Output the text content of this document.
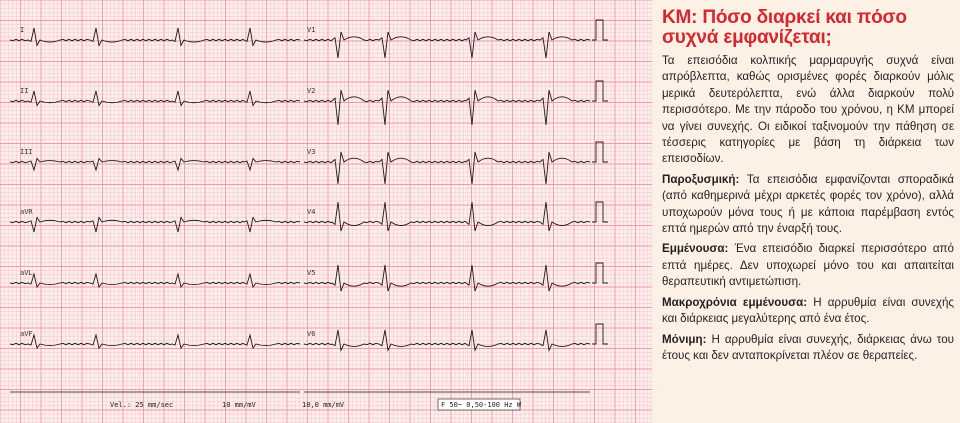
I	V1
II	V2
III	V3
aVR	V4
aVL	V5
aVF	V6
Vel.: 25 mm/sec	10 mm/mV	10,0 mm/mV	F 50~ 0,50-100 Hz W
ΚΜ: Πόσο διαρκεί και πόσο συχνά εμφανίζεται;

Τα επεισόδια κολπικής μαρμαρυγής συχνά είναι απρόβλεπτα, καθώς ορισμένες φορές διαρκούν μόλις μερικά δευτερόλεπτα, ενώ άλλα διαρκούν πολύ περισσότερο. Με την πάροδο του χρόνου, η ΚΜ μπορεί να γίνει συνεχής. Οι ειδικοί ταξινομούν την πάθηση σε τέσσερις κατηγορίες με βάση τη διάρκεια των επεισοδίων.

Παροξυσμική: Τα επεισόδια εμφανίζονται σποραδικά (από καθημερινά μέχρι αρκετές φορές τον χρόνο), αλλά υποχωρούν μόνα τους ή με κάποια παρέμβαση εντός επτά ημερών από την έναρξή τους.

Εμμένουσα: Ένα επεισόδιο διαρκεί περισσότερο από επτά ημέρες. Δεν υποχωρεί μόνο του και απαιτείται θεραπευτική αντιμετώπιση.

Μακροχρόνια εμμένουσα: Η αρρυθμία είναι συνεχής και διάρκειας μεγαλύτερης από ένα έτος.

Μόνιμη: Η αρρυθμία είναι συνεχής, διάρκειας άνω του έτους και δεν ανταποκρίνεται πλέον σε θεραπείες.
